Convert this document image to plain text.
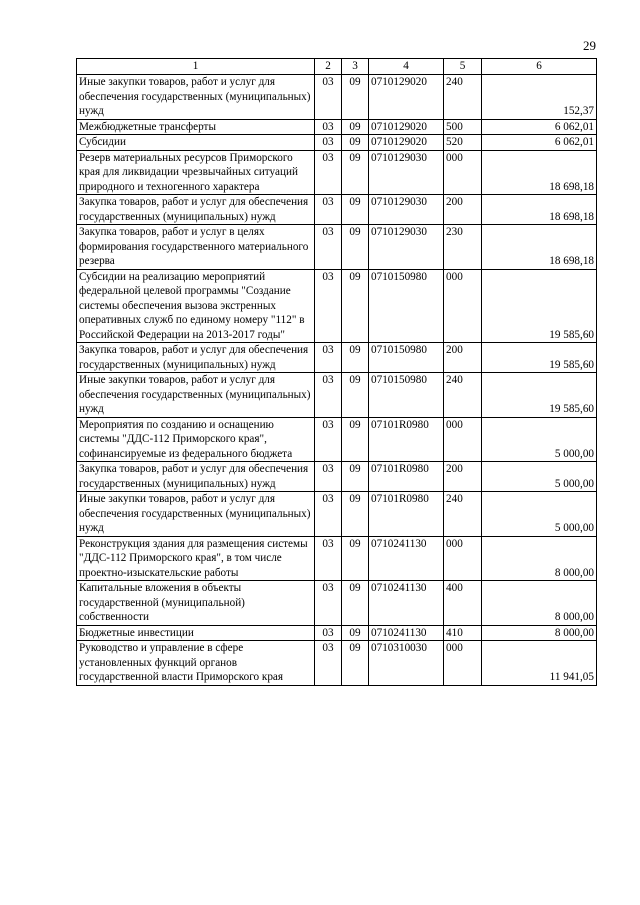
29
1	2	3	4	5	6
Иные закупки товаров, работ и услуг для обеспечения государственных (муниципальных) нужд	03	09	0710129020	240	152,37
Межбюджетные трансферты	03	09	0710129020	500	6 062,01
Субсидии	03	09	0710129020	520	6 062,01
Резерв материальных ресурсов Приморского края для ликвидации чрезвычайных ситуаций природного и техногенного характера	03	09	0710129030	000	18 698,18
Закупка товаров, работ и услуг для обеспечения государственных (муниципальных) нужд	03	09	0710129030	200	18 698,18
Закупка товаров, работ и услуг в целях формирования государственного материального резерва	03	09	0710129030	230	18 698,18
Субсидии на реализацию мероприятий федеральной целевой программы "Создание системы обеспечения вызова экстренных оперативных служб по единому номеру "112" в Российской Федерации на 2013-2017 годы"	03	09	0710150980	000	19 585,60
Закупка товаров, работ и услуг для обеспечения государственных (муниципальных) нужд	03	09	0710150980	200	19 585,60
Иные закупки товаров, работ и услуг для обеспечения государственных (муниципальных) нужд	03	09	0710150980	240	19 585,60
Мероприятия по созданию и оснащению системы "ДДС-112 Приморского края", софинансируемые из федерального бюджета	03	09	07101R0980	000	5 000,00
Закупка товаров, работ и услуг для обеспечения государственных (муниципальных) нужд	03	09	07101R0980	200	5 000,00
Иные закупки товаров, работ и услуг для обеспечения государственных (муниципальных) нужд	03	09	07101R0980	240	5 000,00
Реконструкция здания для размещения системы "ДДС-112 Приморского края", в том числе проектно-изыскательские работы	03	09	0710241130	000	8 000,00
Капитальные вложения в объекты государственной (муниципальной) собственности	03	09	0710241130	400	8 000,00
Бюджетные инвестиции	03	09	0710241130	410	8 000,00
Руководство и управление в сфере установленных функций органов государственной власти Приморского края	03	09	0710310030	000	11 941,05
